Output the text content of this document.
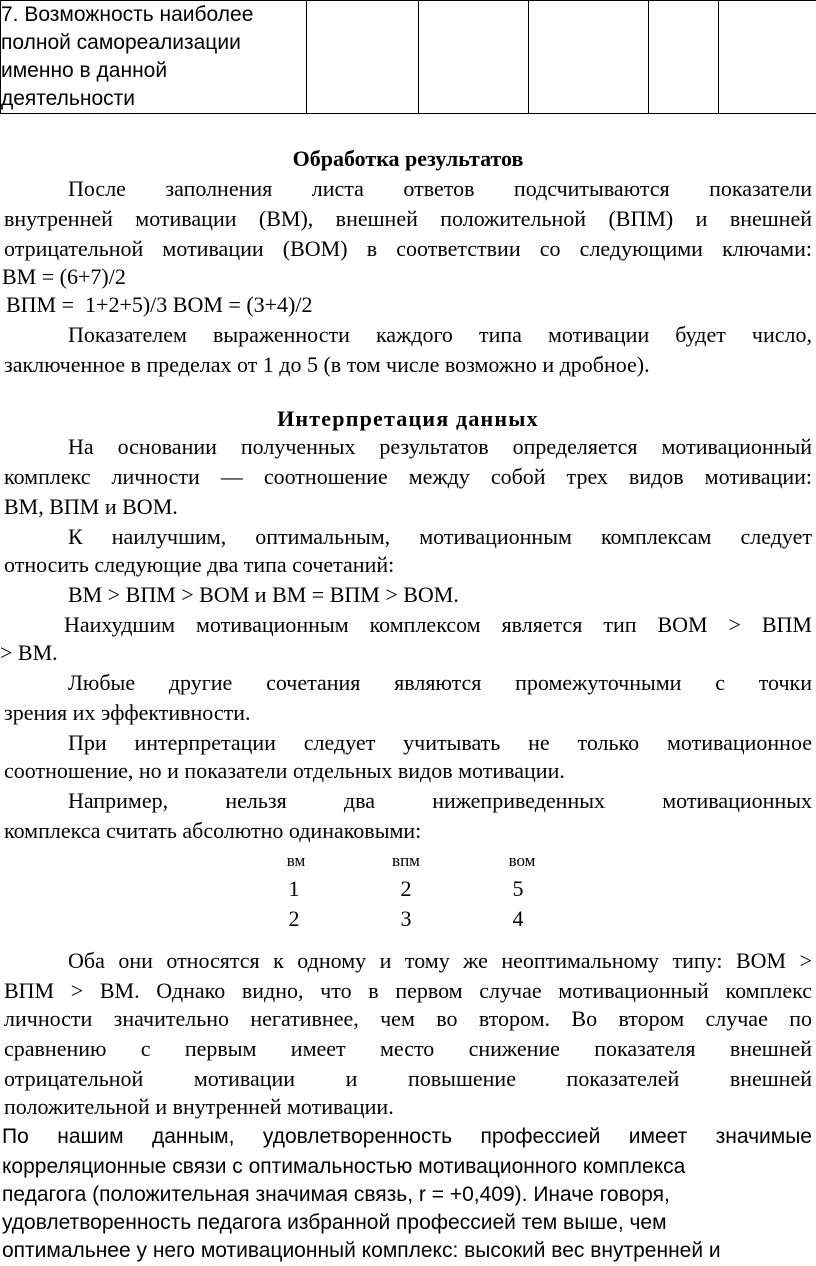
7. Возможность наиболее
полной самореализации
именно в данной
деятельности

Обработка результатов
После заполнения листа ответов подсчитываются показатели
внутренней мотивации (ВМ), внешней положительной (ВПМ) и внешней
отрицательной мотивации (ВОМ) в соответствии со следующими ключами:
ВМ = (6+7)/2
ВПМ =  1+2+5)/3 ВОМ = (3+4)/2
Показателем выраженности каждого типа мотивации будет число,
заключенное в пределах от 1 до 5 (в том числе возможно и дробное).
Интерпретация данных
На основании полученных результатов определяется мотивационный
комплекс личности — соотношение между собой трех видов мотивации:
ВМ, ВПМ и ВОМ.
К наилучшим, оптимальным, мотивационным комплексам следует
относить следующие два типа сочетаний:
ВМ > ВПМ > ВОМ и ВМ = ВПМ > ВОМ.
Наихудшим мотивационным комплексом является тип ВОМ > ВПМ
> ВМ.
Любые другие сочетания являются промежуточными с точки
зрения их эффективности.
При интерпретации следует учитывать не только мотивационное
соотношение, но и показатели отдельных видов мотивации.
Например, нельзя два нижеприведенных мотивационных
комплекса считать абсолютно одинаковыми:
вм	впм	вом
1	2	5
2	3	4
Оба они относятся к одному и тому же неоптимальному типу: ВОМ >
ВПМ > ВМ. Однако видно, что в первом случае мотивационный комплекс
личности значительно негативнее, чем во втором. Во втором случае по
сравнению с первым имеет место снижение показателя внешней
отрицательной мотивации и повышение показателей внешней
положительной и внутренней мотивации.
По нашим данным, удовлетворенность профессией имеет значимые
корреляционные связи с оптимальностью мотивационного комплекса
педагога (положительная значимая связь, r = +0,409). Иначе говоря,
удовлетворенность педагога избранной профессией тем выше, чем
оптимальнее у него мотивационный комплекс: высокий вес внутренней и
